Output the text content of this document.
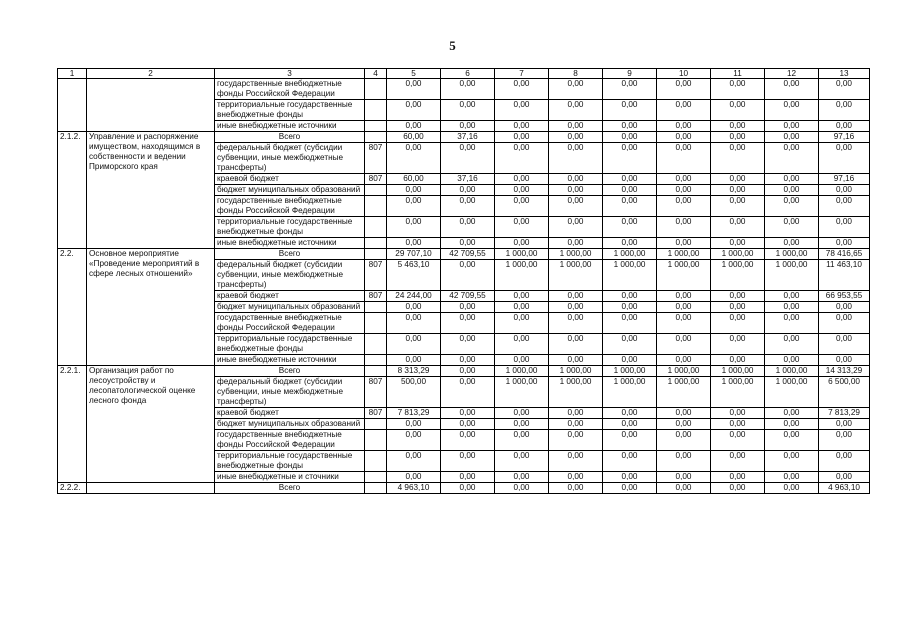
5
1	2	3	4	5	6	7	8	9	10	11	12	13
		государственные внебюджетные фонды Российской Федерации		0,00	0,00	0,00	0,00	0,00	0,00	0,00	0,00	0,00
		территориальные государственные внебюджетные фонды		0,00	0,00	0,00	0,00	0,00	0,00	0,00	0,00	0,00
		иные внебюджетные источники		0,00	0,00	0,00	0,00	0,00	0,00	0,00	0,00	0,00
2.1.2.	Управление и распоряжение имуществом, находящимся в собственности и ведении Приморского края	Всего		60,00	37,16	0,00	0,00	0,00	0,00	0,00	0,00	97,16
		федеральный бюджет (субсидии субвенции, иные межбюджетные трансферты)	807	0,00	0,00	0,00	0,00	0,00	0,00	0,00	0,00	0,00
		краевой бюджет	807	60,00	37,16	0,00	0,00	0,00	0,00	0,00	0,00	97,16
		бюджет муниципальных образований		0,00	0,00	0,00	0,00	0,00	0,00	0,00	0,00	0,00
		государственные внебюджетные фонды Российской Федерации		0,00	0,00	0,00	0,00	0,00	0,00	0,00	0,00	0,00
		территориальные государственные внебюджетные фонды		0,00	0,00	0,00	0,00	0,00	0,00	0,00	0,00	0,00
		иные внебюджетные источники		0,00	0,00	0,00	0,00	0,00	0,00	0,00	0,00	0,00
2.2.	Основное мероприятие «Проведение мероприятий в сфере лесных отношений»	Всего		29 707,10	42 709,55	1 000,00	1 000,00	1 000,00	1 000,00	1 000,00	1 000,00	78 416,65
		федеральный бюджет (субсидии субвенции, иные межбюджетные трансферты)	807	5 463,10	0,00	1 000,00	1 000,00	1 000,00	1 000,00	1 000,00	1 000,00	11 463,10
		краевой бюджет	807	24 244,00	42 709,55	0,00	0,00	0,00	0,00	0,00	0,00	66 953,55
		бюджет муниципальных образований		0,00	0,00	0,00	0,00	0,00	0,00	0,00	0,00	0,00
		государственные внебюджетные фонды Российской Федерации		0,00	0,00	0,00	0,00	0,00	0,00	0,00	0,00	0,00
		территориальные государственные внебюджетные фонды		0,00	0,00	0,00	0,00	0,00	0,00	0,00	0,00	0,00
		иные внебюджетные источники		0,00	0,00	0,00	0,00	0,00	0,00	0,00	0,00	0,00
2.2.1.	Организация работ по лесоустройству и лесопатологической оценке лесного фонда	Всего		8 313,29	0,00	1 000,00	1 000,00	1 000,00	1 000,00	1 000,00	1 000,00	14 313,29
		федеральный бюджет (субсидии субвенции, иные межбюджетные трансферты)	807	500,00	0,00	1 000,00	1 000,00	1 000,00	1 000,00	1 000,00	1 000,00	6 500,00
		краевой бюджет	807	7 813,29	0,00	0,00	0,00	0,00	0,00	0,00	0,00	7 813,29
		бюджет муниципальных образований		0,00	0,00	0,00	0,00	0,00	0,00	0,00	0,00	0,00
		государственные внебюджетные фонды Российской Федерации		0,00	0,00	0,00	0,00	0,00	0,00	0,00	0,00	0,00
		территориальные государственные внебюджетные фонды		0,00	0,00	0,00	0,00	0,00	0,00	0,00	0,00	0,00
		иные внебюджетные и сточники		0,00	0,00	0,00	0,00	0,00	0,00	0,00	0,00	0,00
2.2.2.		Всего		4 963,10	0,00	0,00	0,00	0,00	0,00	0,00	0,00	4 963,10
